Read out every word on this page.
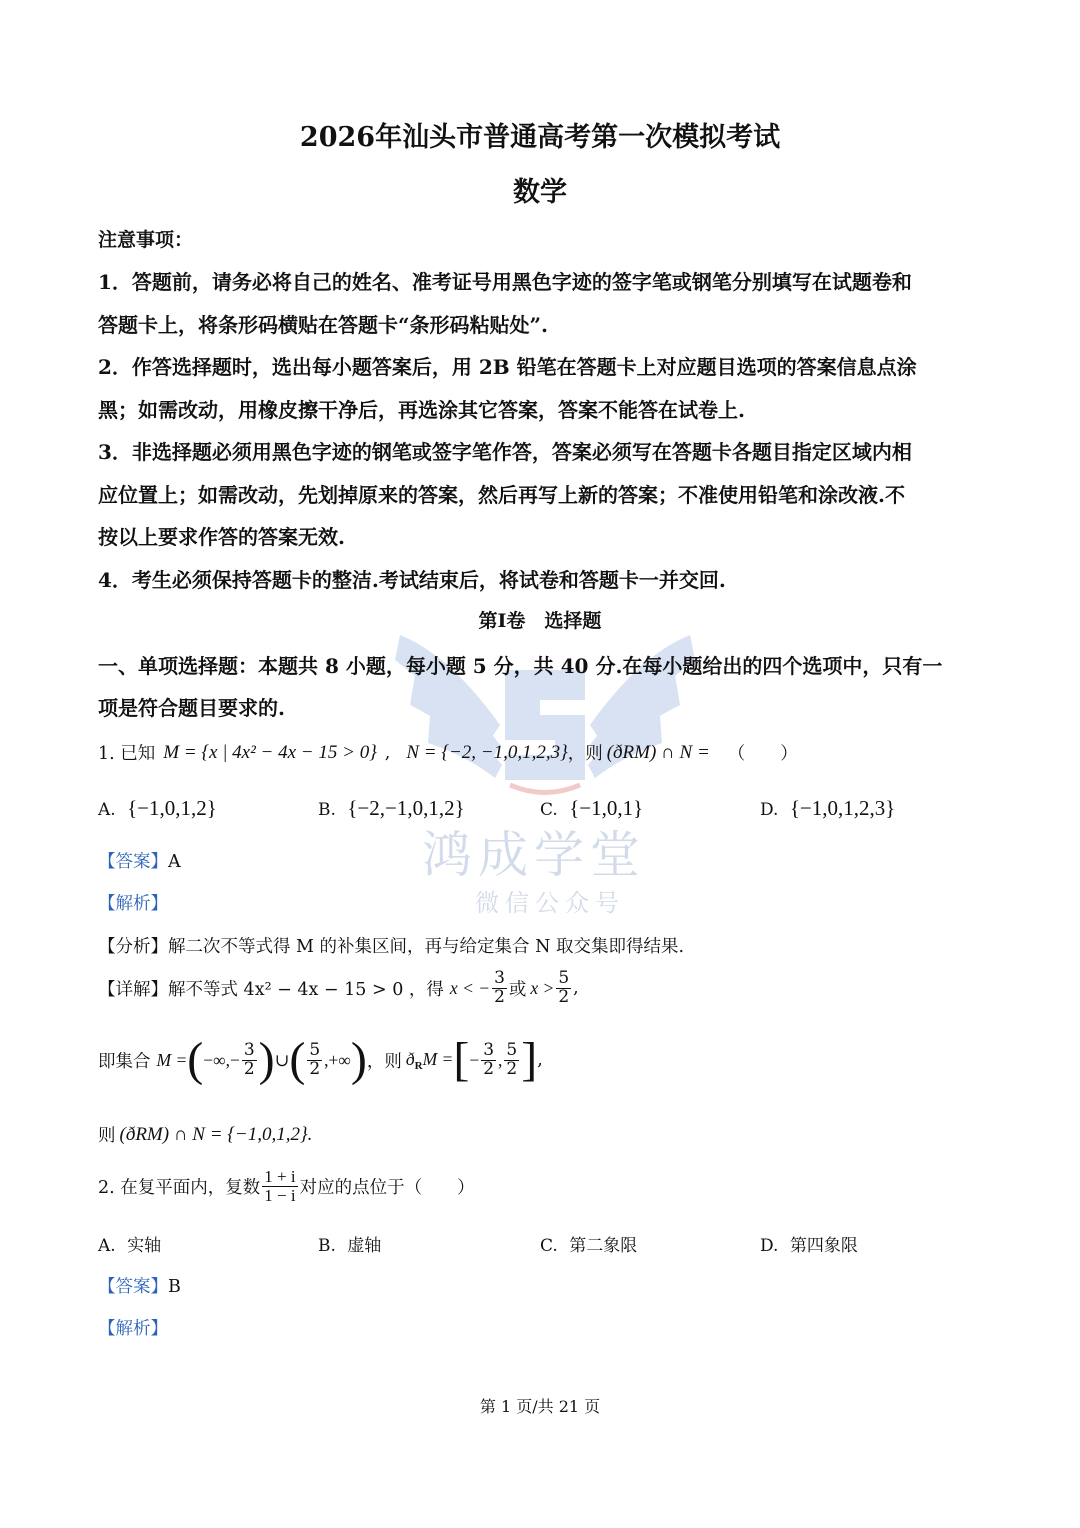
鸿成学堂
微信公众号
2026年汕头市普通高考第一次模拟考试
数学
注意事项：
1．答题前，请务必将自己的姓名、准考证号用黑色字迹的签字笔或钢笔分别填写在试题卷和
答题卡上，将条形码横贴在答题卡“条形码粘贴处”.
2．作答选择题时，选出每小题答案后，用 2B 铅笔在答题卡上对应题目选项的答案信息点涂
黑；如需改动，用橡皮擦干净后，再选涂其它答案，答案不能答在试卷上.
3．非选择题必须用黑色字迹的钢笔或签字笔作答，答案必须写在答题卡各题目指定区域内相
应位置上；如需改动，先划掉原来的答案，然后再写上新的答案；不准使用铅笔和涂改液.不
按以上要求作答的答案无效.
4．考生必须保持答题卡的整洁.考试结束后，将试卷和答题卡一并交回.
第Ⅰ卷　选择题
一、单项选择题：本题共 8 小题，每小题 5 分，共 40 分.在每小题给出的四个选项中，只有一
项是符合题目要求的.
1. 已知 M = {x | 4x² − 4x − 15 > 0} , N = {−2, −1,0,1,2,3} ，则 (ðRM) ∩ N = （　　）
A. {−1,0,1,2}	B. {−2,−1,0,1,2}	C. {−1,0,1}	D. {−1,0,1,2,3}
【答案】A
【解析】
【分析】解二次不等式得 M 的补集区间，再与给定集合 N 取交集即得结果.
【详解】 解不等式 4x² − 4x − 15 > 0 ，得 x < − $\frac{3}{2}$ 或 $x > \frac{5}{2}$ ,
即集合 M = ( −∞,− $\frac{3}{2}$ ) ∪ ( $\frac{5}{2}$ ,+∞ ) ，则 $ð_RM$ = [ − $\frac{3}{2}$ , $\frac{5}{2}$ ] ,
则 (ðRM) ∩ N = {−1,0,1,2}.
2. 在复平面内，复数 $\frac{1 + i}{1 - i}$ 对应的点位于（　　）
A. 实轴	B. 虚轴	C. 第二象限	D. 第四象限
【答案】B
【解析】
第 1 页/共 21 页
